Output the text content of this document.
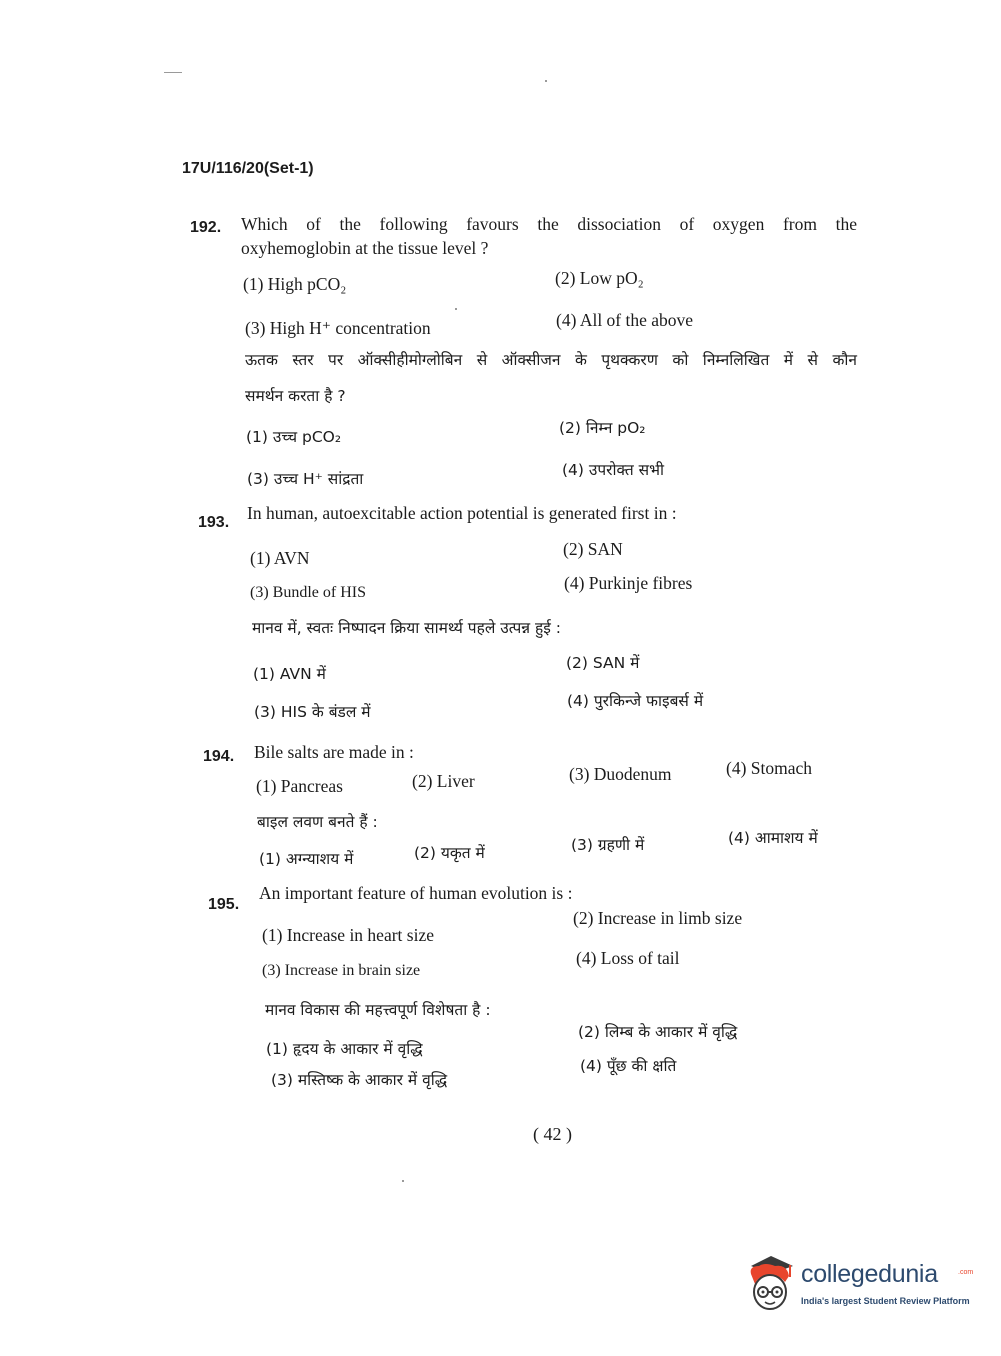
17U/116/20(Set-1)
192. Which of the following favours the dissociation of oxygen from the
oxyhemoglobin at the tissue level ?
(1) High pCO₂	(2) Low pO₂
(3) High H⁺ concentration	(4) All of the above
ऊतक स्तर पर ऑक्सीहीमोग्लोबिन से ऑक्सीजन के पृथक्करण को निम्नलिखित में से कौन
समर्थन करता है ?
(1) उच्च pCO₂	(2) निम्न pO₂
(3) उच्च H⁺ सांद्रता	(4) उपरोक्त सभी
193. In human, autoexcitable action potential is generated first in :
(1) AVN	(2) SAN
(3) Bundle of HIS	(4) Purkinje fibres
मानव में, स्वतः निष्पादन क्रिया सामर्थ्य पहले उत्पन्न हुई :
(1) AVN में
(2) SAN में
(3) HIS के बंडल में
(4) पुरकिन्जे फाइबर्स में
194. Bile salts are made in :
(1) Pancreas	(2) Liver	(3) Duodenum	(4) Stomach
बाइल लवण बनते हैं :
(1) अग्न्याशय में	(2) यकृत में	(3) ग्रहणी में	(4) आमाशय में
195.
An important feature of human evolution is :
(1) Increase in heart size
(2) Increase in limb size
(3) Increase in brain size
(4) Loss of tail
मानव विकास की महत्त्वपूर्ण विशेषता है :
(1) हृदय के आकार में वृद्धि
(2) लिम्ब के आकार में वृद्धि
(3) मस्तिष्क के आकार में वृद्धि
(4) पूँछ की क्षति
( 42 )
collegedunia	.com
India's largest Student Review Platform
